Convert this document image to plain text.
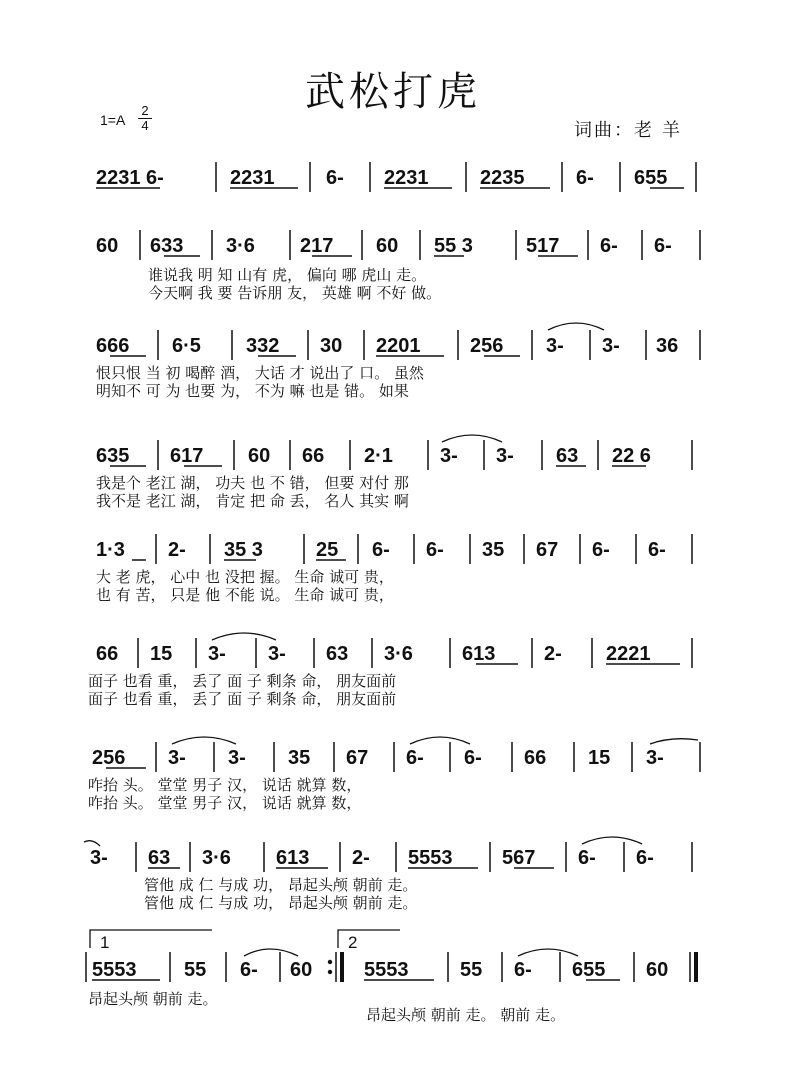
武松打虎
1=A
2
4	词曲：老 羊
2231 6-	2231	6- 2231	2235	6- 655
60 633 3·6 217 60 55 3	517 6- 6-
谁说我 明 知 山有 虎， 偏向 哪 虎山 走。
今天啊 我 要 告诉朋 友， 英雄 啊 不好 做。
666 6·5 332 30 2201 256 3- 3- 36
恨只恨 当 初 喝醉 酒， 大话 才 说出了 口。 虽然
明知不 可 为 也要 为， 不为 嘛 也是 错。 如果
635 617 60 66 2·1 3- 3- 63 22 6
我是个 老江 湖， 功夫 也 不 错， 但要 对付 那
我不是 老江 湖， 肯定 把 命 丢， 名人 其实 啊
1·3 2- 35 3	25 6- 6- 35 67 6- 6-
大 老 虎， 心中 也 没把 握。 生命 诚可 贵，
也 有 苦， 只是 他 不能 说。 生命 诚可 贵，
66 15 3- 3- 63 3·6 613 2- 2221
面子 也看 重， 丢了 面 子 剩条 命， 朋友面前
面子 也看 重， 丢了 面 子 剩条 命， 朋友面前
256 3- 3- 35 67 6- 6- 66 15 3-
咋抬 头。 堂堂 男子 汉， 说话 就算 数，
咋抬 头。 堂堂 男子 汉， 说话 就算 数，
3- 63 3·6 613 2- 5553 567 6- 6-
管他 成 仁 与成 功， 昂起头颅 朝前 走。
管他 成 仁 与成 功， 昂起头颅 朝前 走。
1	2
5553 55 6- 60	5553	55 6- 655 60
昂起头颅 朝前 走。
昂起头颅 朝前 走。 朝前 走。
